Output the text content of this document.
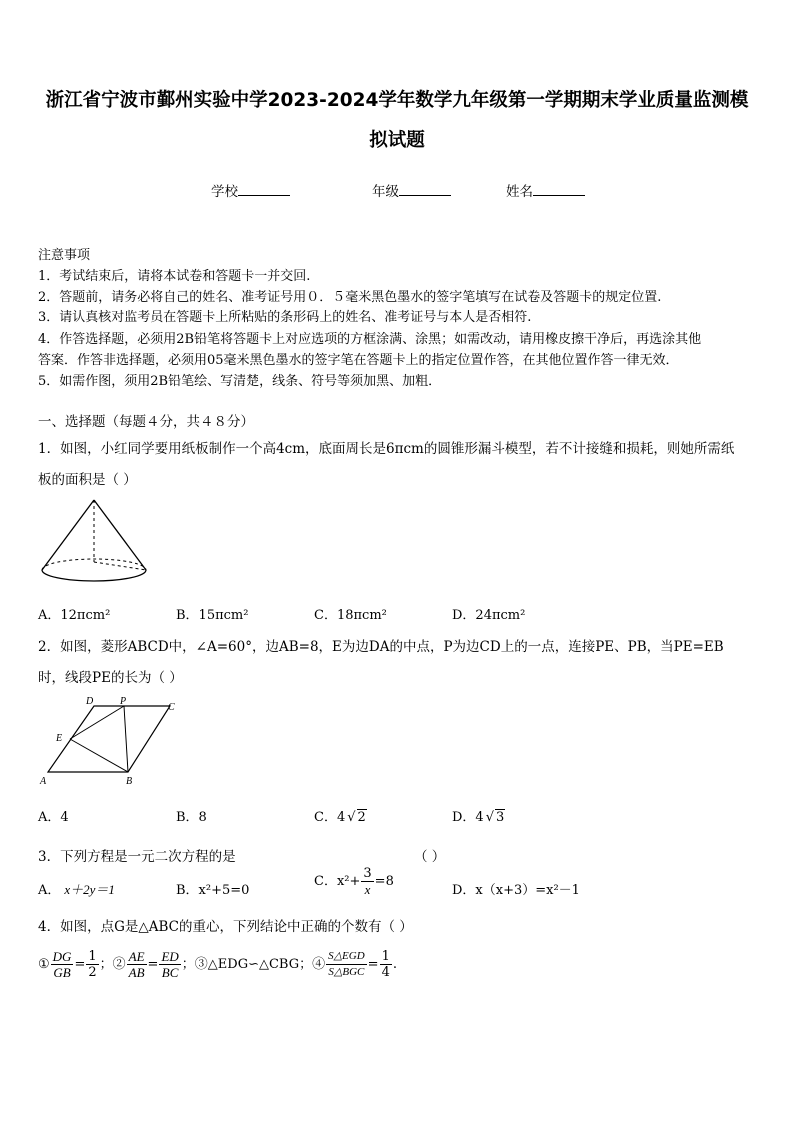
浙江省宁波市鄞州实验中学2023-2024学年数学九年级第一学期期末学业质量监测模
拟试题
学校	年级	姓名
注意事项
1．考试结束后，请将本试卷和答题卡一并交回.
2．答题前，请务必将自己的姓名、准考证号用０．５毫米黑色墨水的签字笔填写在试卷及答题卡的规定位置.
3．请认真核对监考员在答题卡上所粘贴的条形码上的姓名、准考证号与本人是否相符.
4．作答选择题，必须用2B铅笔将答题卡上对应选项的方框涂满、涂黑；如需改动，请用橡皮擦干净后，再选涂其他
答案．作答非选择题，必须用05毫米黑色墨水的签字笔在答题卡上的指定位置作答，在其他位置作答一律无效．
5．如需作图，须用2B铅笔绘、写清楚，线条、符号等须加黑、加粗．
一、选择题（每题４分，共４８分）
1．如图，小红同学要用纸板制作一个高4cm，底面周长是6πcm的圆锥形漏斗模型，若不计接缝和损耗，则她所需纸
板的面积是（ ）
A．12πcm²	B．15πcm²	C．18πcm²	D．24πcm²
2．如图，菱形ABCD中，∠A=60°，边AB=8，E为边DA的中点，P为边CD上的一点，连接PE、PB，当PE=EB
时，线段PE的长为（ ）
D	P
C
E
A	B
A．4	B．8	C．4 √ 2	D．4 √ 3
3．下列方程是一元二次方程的是	（ ）
A． x＋2y＝1	B．x²+5=0
C．$x^2+ \frac{3}{x} =8$
D．x（x+3）=x²－1
4．如图，点G是△ABC的重心，下列结论中正确的个数有（ ）
① $\frac{DG}{GB} = \frac{1}{2}$ ；② $\frac{AE}{AB} = \frac{ED}{BC}$ ；③△EDG∽△CBG；④ $\frac{\text{S△EGD}}{\text{S△BGC}} = \frac{1}{4}$ .
